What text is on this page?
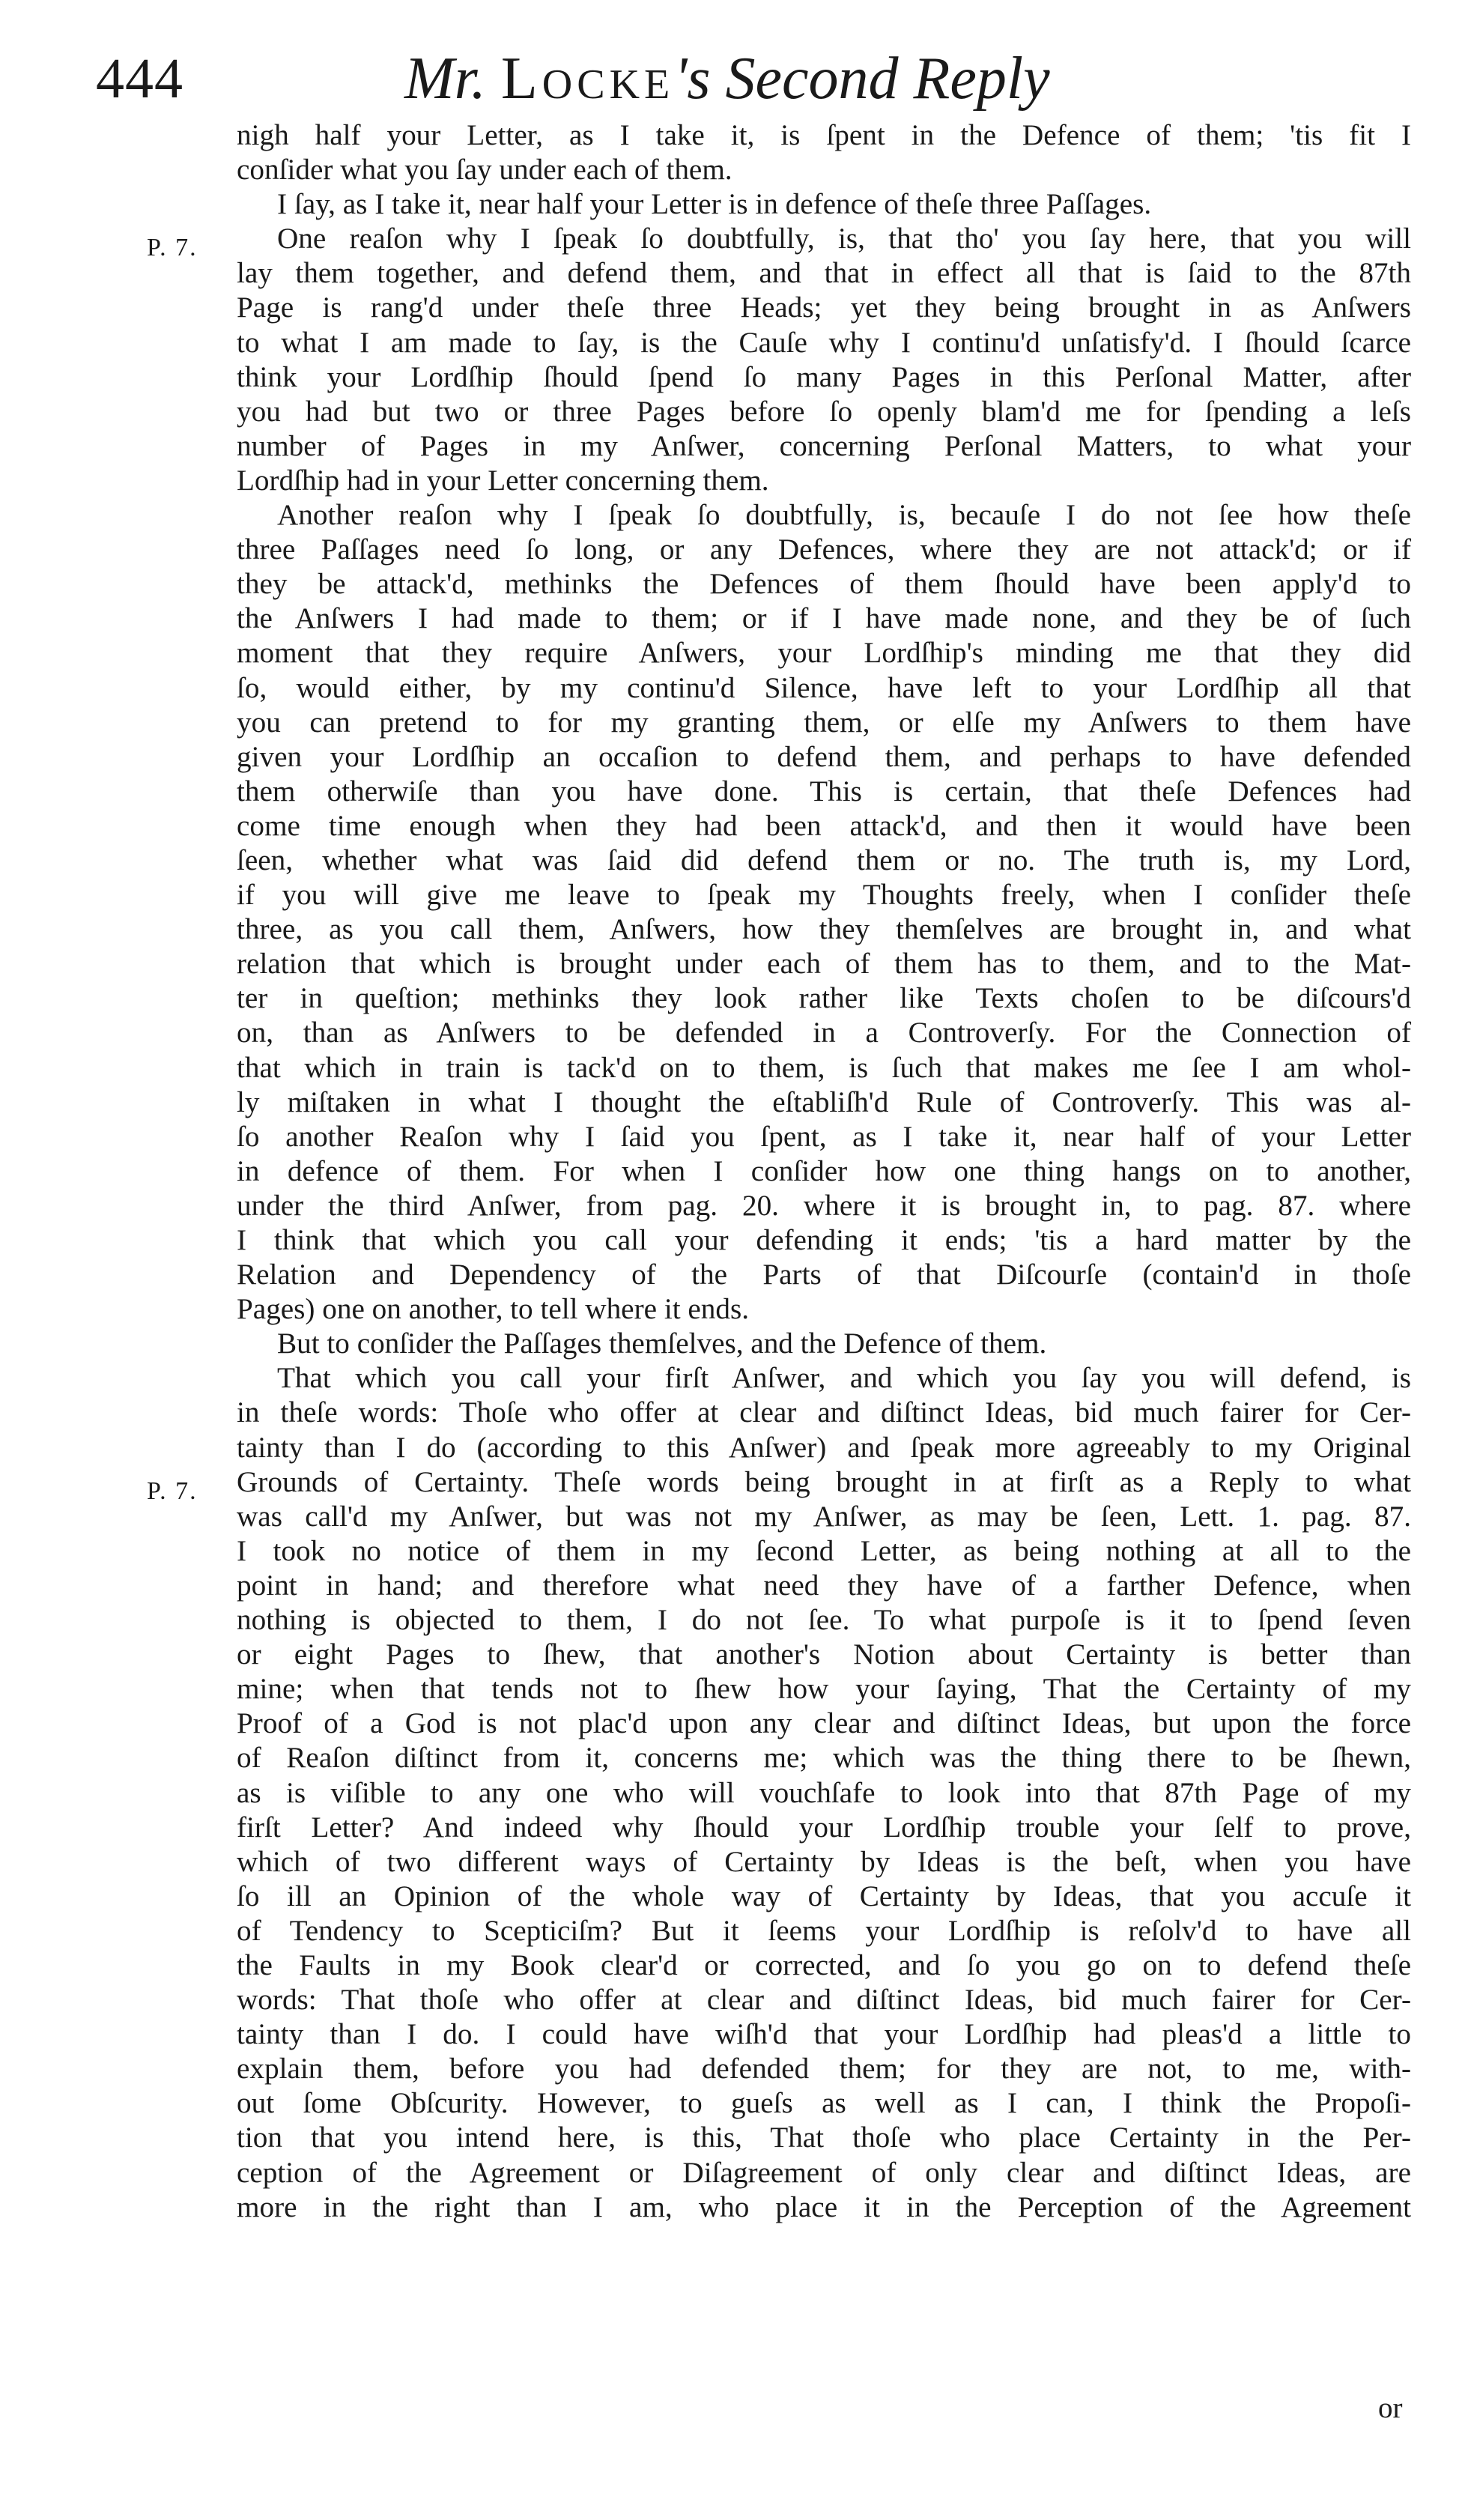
444	Mr. Locke's Second Reply
P. 7.
P. 7.
nigh half your Letter, as I take it, is ſpent in the Defence of them; 'tis fit I
conſider what you ſay under each of them.
I ſay, as I take it, near half your Letter is in defence of theſe three Paſſages.
One reaſon why I ſpeak ſo doubtfully, is, that tho' you ſay here, that you will
lay them together, and defend them, and that in effect all that is ſaid to the 87th
Page is rang'd under theſe three Heads; yet they being brought in as Anſwers
to what I am made to ſay, is the Cauſe why I continu'd unſatisfy'd. I ſhould ſcarce
think your Lordſhip ſhould ſpend ſo many Pages in this Perſonal Matter, after
you had but two or three Pages before ſo openly blam'd me for ſpending a leſs
number of Pages in my Anſwer, concerning Perſonal Matters, to what your
Lordſhip had in your Letter concerning them.
Another reaſon why I ſpeak ſo doubtfully, is, becauſe I do not ſee how theſe
three Paſſages need ſo long, or any Defences, where they are not attack'd; or if
they be attack'd, methinks the Defences of them ſhould have been apply'd to
the Anſwers I had made to them; or if I have made none, and they be of ſuch
moment that they require Anſwers, your Lordſhip's minding me that they did
ſo, would either, by my continu'd Silence, have left to your Lordſhip all that
you can pretend to for my granting them, or elſe my Anſwers to them have
given your Lordſhip an occaſion to defend them, and perhaps to have defended
them otherwiſe than you have done. This is certain, that theſe Defences had
come time enough when they had been attack'd, and then it would have been
ſeen, whether what was ſaid did defend them or no. The truth is, my Lord,
if you will give me leave to ſpeak my Thoughts freely, when I conſider theſe
three, as you call them, Anſwers, how they themſelves are brought in, and what
relation that which is brought under each of them has to them, and to the Mat-
ter in queſtion; methinks they look rather like Texts choſen to be diſcours'd
on, than as Anſwers to be defended in a Controverſy. For the Connection of
that which in train is tack'd on to them, is ſuch that makes me ſee I am whol-
ly miſtaken in what I thought the eſtabliſh'd Rule of Controverſy. This was al-
ſo another Reaſon why I ſaid you ſpent, as I take it, near half of your Letter
in defence of them. For when I conſider how one thing hangs on to another,
under the third Anſwer, from pag. 20. where it is brought in, to pag. 87. where
I think that which you call your defending it ends; 'tis a hard matter by the
Relation and Dependency of the Parts of that Diſcourſe (contain'd in thoſe
Pages) one on another, to tell where it ends.
But to conſider the Paſſages themſelves, and the Defence of them.
That which you call your firſt Anſwer, and which you ſay you will defend, is
in theſe words: Thoſe who offer at clear and diſtinct Ideas, bid much fairer for Cer-
tainty than I do (according to this Anſwer) and ſpeak more agreeably to my Original
Grounds of Certainty. Theſe words being brought in at firſt as a Reply to what
was call'd my Anſwer, but was not my Anſwer, as may be ſeen, Lett. 1. pag. 87.
I took no notice of them in my ſecond Letter, as being nothing at all to the
point in hand; and therefore what need they have of a farther Defence, when
nothing is objected to them, I do not ſee. To what purpoſe is it to ſpend ſeven
or eight Pages to ſhew, that another's Notion about Certainty is better than
mine; when that tends not to ſhew how your ſaying, That the Certainty of my
Proof of a God is not plac'd upon any clear and diſtinct Ideas, but upon the force
of Reaſon diſtinct from it, concerns me; which was the thing there to be ſhewn,
as is viſible to any one who will vouchſafe to look into that 87th Page of my
firſt Letter? And indeed why ſhould your Lordſhip trouble your ſelf to prove,
which of two different ways of Certainty by Ideas is the beſt, when you have
ſo ill an Opinion of the whole way of Certainty by Ideas, that you accuſe it
of Tendency to Scepticiſm? But it ſeems your Lordſhip is reſolv'd to have all
the Faults in my Book clear'd or corrected, and ſo you go on to defend theſe
words: That thoſe who offer at clear and diſtinct Ideas, bid much fairer for Cer-
tainty than I do. I could have wiſh'd that your Lordſhip had pleas'd a little to
explain them, before you had defended them; for they are not, to me, with-
out ſome Obſcurity. However, to gueſs as well as I can, I think the Propoſi-
tion that you intend here, is this, That thoſe who place Certainty in the Per-
ception of the Agreement or Diſagreement of only clear and diſtinct Ideas, are
more in the right than I am, who place it in the Perception of the Agreement
or
